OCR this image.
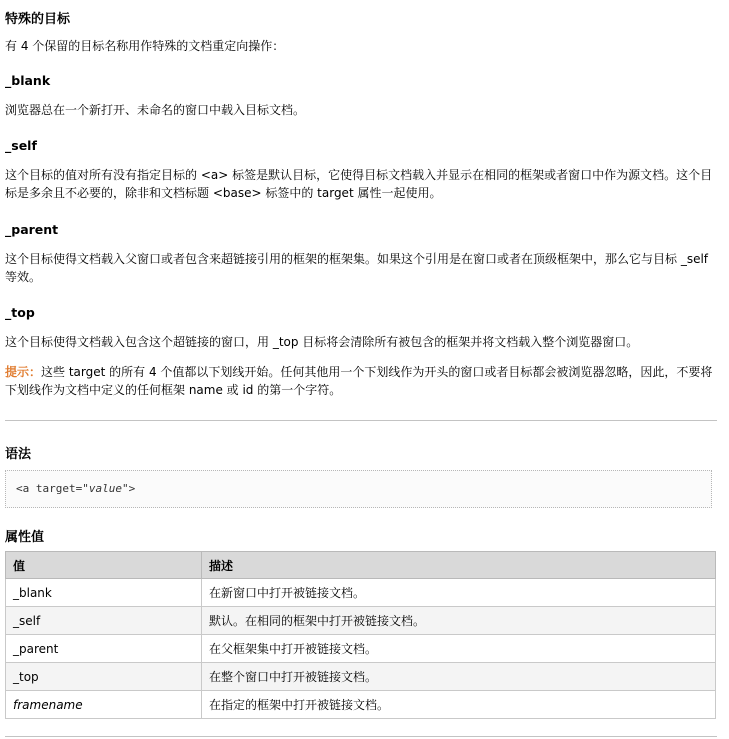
特殊的目标

有 4 个保留的目标名称用作特殊的文档重定向操作：

_blank

浏览器总在一个新打开、未命名的窗口中载入目标文档。

_self

这个目标的值对所有没有指定目标的 <a> 标签是默认目标，它使得目标文档载入并显示在相同的框架或者窗口中作为源文档。这个目

标是多余且不必要的，除非和文档标题 <base> 标签中的 target 属性一起使用。

_parent

这个目标使得文档载入父窗口或者包含来超链接引用的框架的框架集。如果这个引用是在窗口或者在顶级框架中，那么它与目标 _self

等效。

_top

这个目标使得文档载入包含这个超链接的窗口，用 _top 目标将会清除所有被包含的框架并将文档载入整个浏览器窗口。

提示：这些 target 的所有 4 个值都以下划线开始。任何其他用一个下划线作为开头的窗口或者目标都会被浏览器忽略，因此，不要将

下划线作为文档中定义的任何框架 name 或 id 的第一个字符。

语法
<a target="value">
属性值
值	描述
_blank	在新窗口中打开被链接文档。
_self	默认。在相同的框架中打开被链接文档。
_parent	在父框架集中打开被链接文档。
_top	在整个窗口中打开被链接文档。
framename	在指定的框架中打开被链接文档。
